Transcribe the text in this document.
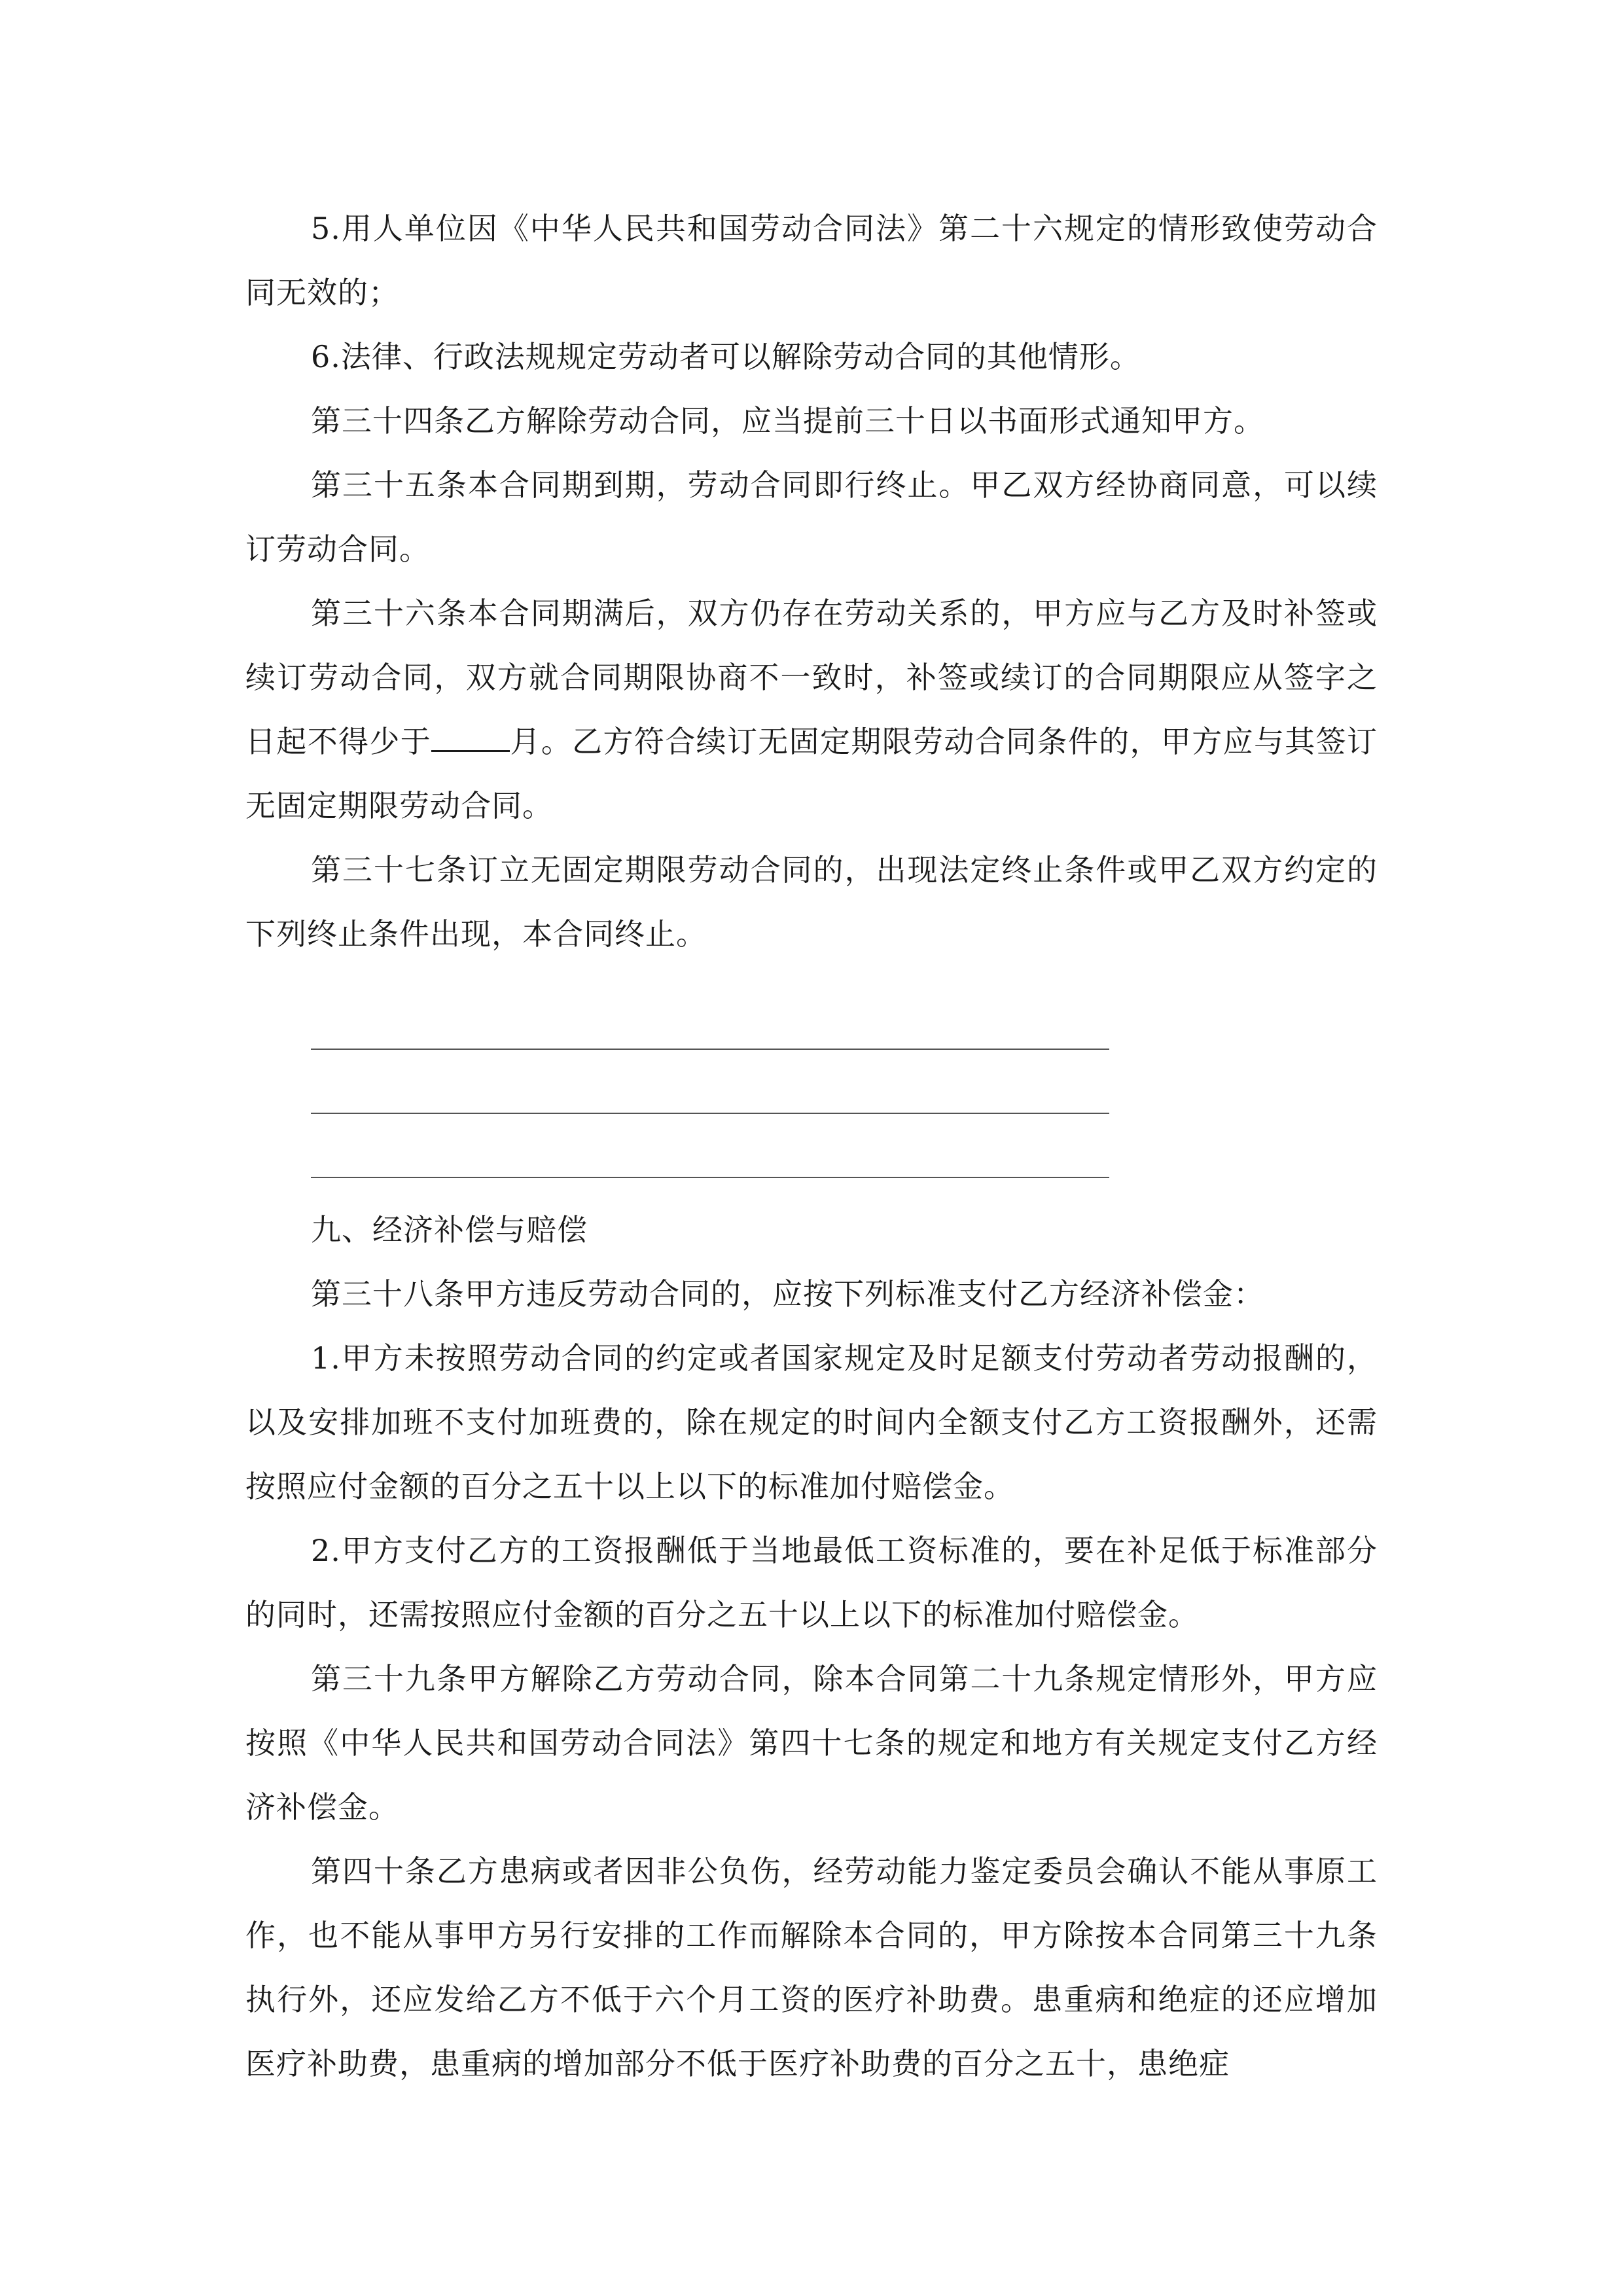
5.用人单位因《中华人民共和国劳动合同法》第二十六规定的情形致使劳动合同无效的；

6.法律、行政法规规定劳动者可以解除劳动合同的其他情形。

第三十四条乙方解除劳动合同，应当提前三十日以书面形式通知甲方。

第三十五条本合同期到期，劳动合同即行终止。甲乙双方经协商同意，可以续订劳动合同。

第三十六条本合同期满后，双方仍存在劳动关系的，甲方应与乙方及时补签或续订劳动合同，双方就合同期限协商不一致时，补签或续订的合同期限应从签字之日起不得少于	月。乙方符合续订无固定期限劳动合同条件的，甲方应与其签订无固定期限劳动合同。

第三十七条订立无固定期限劳动合同的，出现法定终止条件或甲乙双方约定的下列终止条件出现，本合同终止。

九、经济补偿与赔偿

第三十八条甲方违反劳动合同的，应按下列标准支付乙方经济补偿金：

1.甲方未按照劳动合同的约定或者国家规定及时足额支付劳动者劳动报酬的，以及安排加班不支付加班费的，除在规定的时间内全额支付乙方工资报酬外，还需按照应付金额的百分之五十以上以下的标准加付赔偿金。

2.甲方支付乙方的工资报酬低于当地最低工资标准的，要在补足低于标准部分的同时，还需按照应付金额的百分之五十以上以下的标准加付赔偿金。

第三十九条甲方解除乙方劳动合同，除本合同第二十九条规定情形外，甲方应按照《中华人民共和国劳动合同法》第四十七条的规定和地方有关规定支付乙方经济补偿金。

第四十条乙方患病或者因非公负伤，经劳动能力鉴定委员会确认不能从事原工作，也不能从事甲方另行安排的工作而解除本合同的，甲方除按本合同第三十九条执行外，还应发给乙方不低于六个月工资的医疗补助费。患重病和绝症的还应增加医疗补助费，患重病的增加部分不低于医疗补助费的百分之五十，患绝症
